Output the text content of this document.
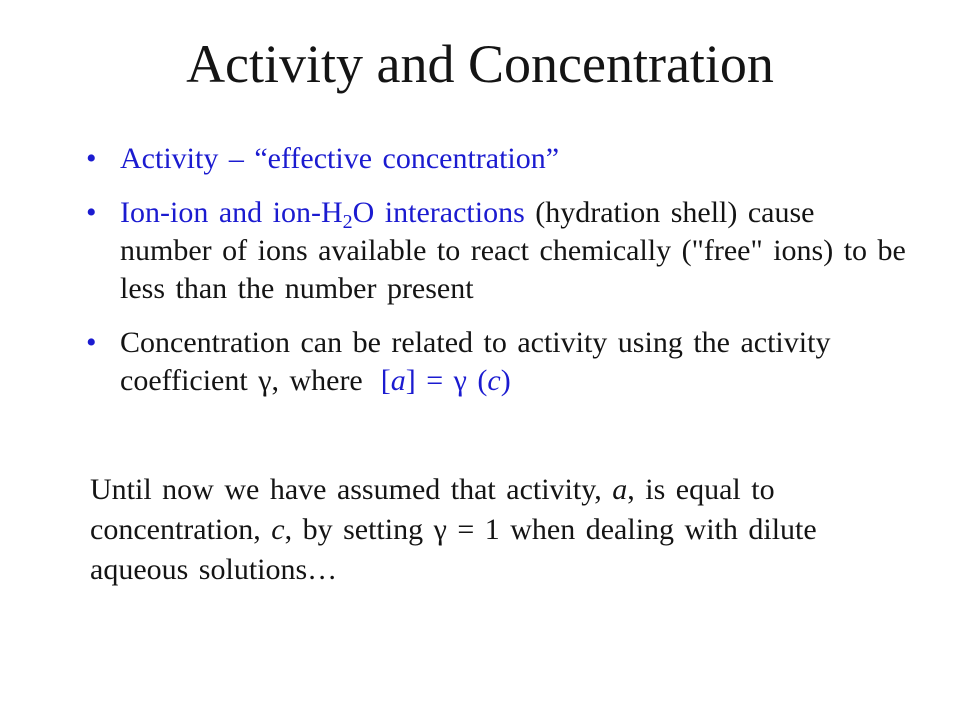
Activity and Concentration
• Activity – “effective concentration”
• Ion-ion and ion-$H_2O$ interactions (hydration shell) cause number of ions available to react chemically ("free" ions) to be less than the number present
• Concentration can be related to activity using the activity coefficient γ, where [a] = γ (c)
Until now we have assumed that activity, a, is equal to concentration, c, by setting γ = 1 when dealing with dilute aqueous solutions…
